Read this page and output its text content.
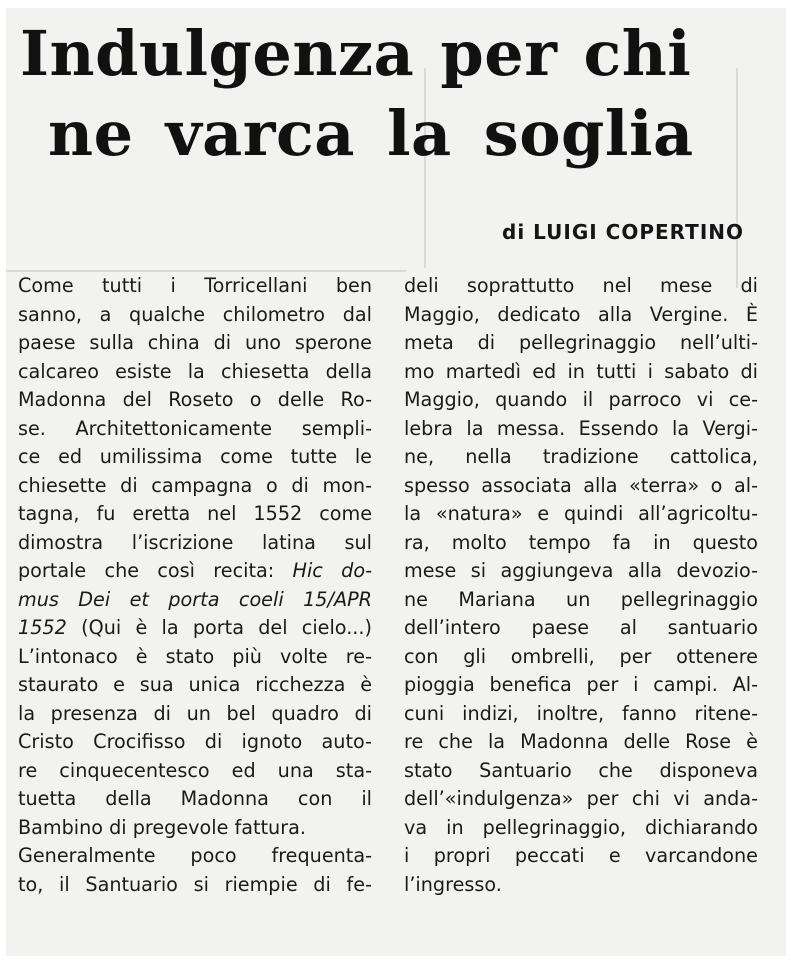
Indulgenza per chi
ne varca la soglia
di LUIGI COPERTINO
Come tutti i Torricellani ben
sanno, a qualche chilometro dal
paese sulla china di uno sperone
calcareo esiste la chiesetta della
Madonna del Roseto o delle Ro-
se. Architettonicamente sempli-
ce ed umilissima come tutte le
chiesette di campagna o di mon-
tagna, fu eretta nel 1552 come
dimostra l’iscrizione latina sul
portale che così recita: Hic do-
mus Dei et porta coeli 15/APR
1552 (Qui è la porta del cielo...)
L’intonaco è stato più volte re-
staurato e sua unica ricchezza è
la presenza di un bel quadro di
Cristo Crocifisso di ignoto auto-
re cinquecentesco ed una sta-
tuetta della Madonna con il
Bambino di pregevole fattura.
Generalmente poco frequenta-
to, il Santuario si riempie di fe-
deli soprattutto nel mese di
Maggio, dedicato alla Vergine. È
meta di pellegrinaggio nell’ulti-
mo martedì ed in tutti i sabato di
Maggio, quando il parroco vi ce-
lebra la messa. Essendo la Vergi-
ne, nella tradizione cattolica,
spesso associata alla «terra» o al-
la «natura» e quindi all’agricoltu-
ra, molto tempo fa in questo
mese si aggiungeva alla devozio-
ne Mariana un pellegrinaggio
dell’intero paese al santuario
con gli ombrelli, per ottenere
pioggia benefica per i campi. Al-
cuni indizi, inoltre, fanno ritene-
re che la Madonna delle Rose è
stato Santuario che disponeva
dell’«indulgenza» per chi vi anda-
va in pellegrinaggio, dichiarando
i propri peccati e varcandone
l’ingresso.
